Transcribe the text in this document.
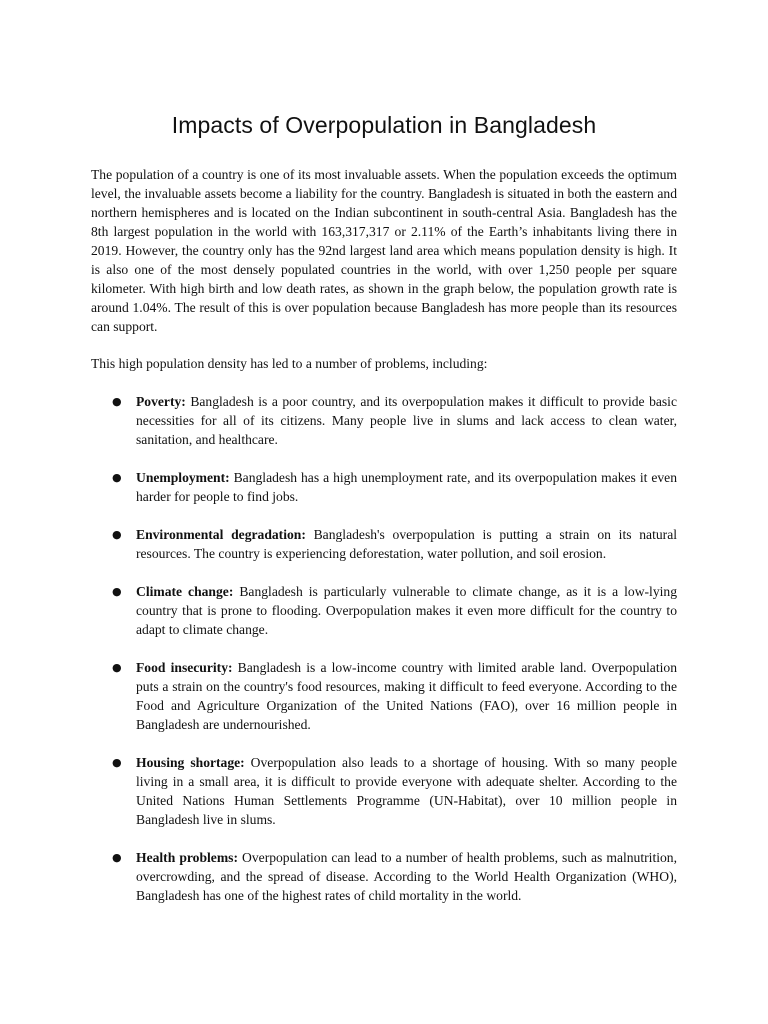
Impacts of Overpopulation in Bangladesh

The population of a country is one of its most invaluable assets. When the population exceeds the optimum level, the invaluable assets become a liability for the country. Bangladesh is situated in both the eastern and northern hemispheres and is located on the Indian subcontinent in south-central Asia. Bangladesh has the 8th largest population in the world with 163,317,317 or 2.11% of the Earth’s inhabitants living there in 2019. However, the country only has the 92nd largest land area which means population density is high. It is also one of the most densely populated countries in the world, with over 1,250 people per square kilometer. With high birth and low death rates, as shown in the graph below, the population growth rate is around 1.04%. The result of this is over population because Bangladesh has more people than its resources can support.

This high population density has led to a number of problems, including:

● Poverty: Bangladesh is a poor country, and its overpopulation makes it difficult to provide basic necessities for all of its citizens. Many people live in slums and lack access to clean water, sanitation, and healthcare.
● Unemployment: Bangladesh has a high unemployment rate, and its overpopulation makes it even harder for people to find jobs.
● Environmental degradation: Bangladesh's overpopulation is putting a strain on its natural resources. The country is experiencing deforestation, water pollution, and soil erosion.
● Climate change: Bangladesh is particularly vulnerable to climate change, as it is a low-lying country that is prone to flooding. Overpopulation makes it even more difficult for the country to adapt to climate change.
● Food insecurity: Bangladesh is a low-income country with limited arable land. Overpopulation puts a strain on the country's food resources, making it difficult to feed everyone. According to the Food and Agriculture Organization of the United Nations (FAO), over 16 million people in Bangladesh are undernourished.
● Housing shortage: Overpopulation also leads to a shortage of housing. With so many people living in a small area, it is difficult to provide everyone with adequate shelter. According to the United Nations Human Settlements Programme (UN-Habitat), over 10 million people in Bangladesh live in slums.
● Health problems: Overpopulation can lead to a number of health problems, such as malnutrition, overcrowding, and the spread of disease. According to the World Health Organization (WHO), Bangladesh has one of the highest rates of child mortality in the world.
